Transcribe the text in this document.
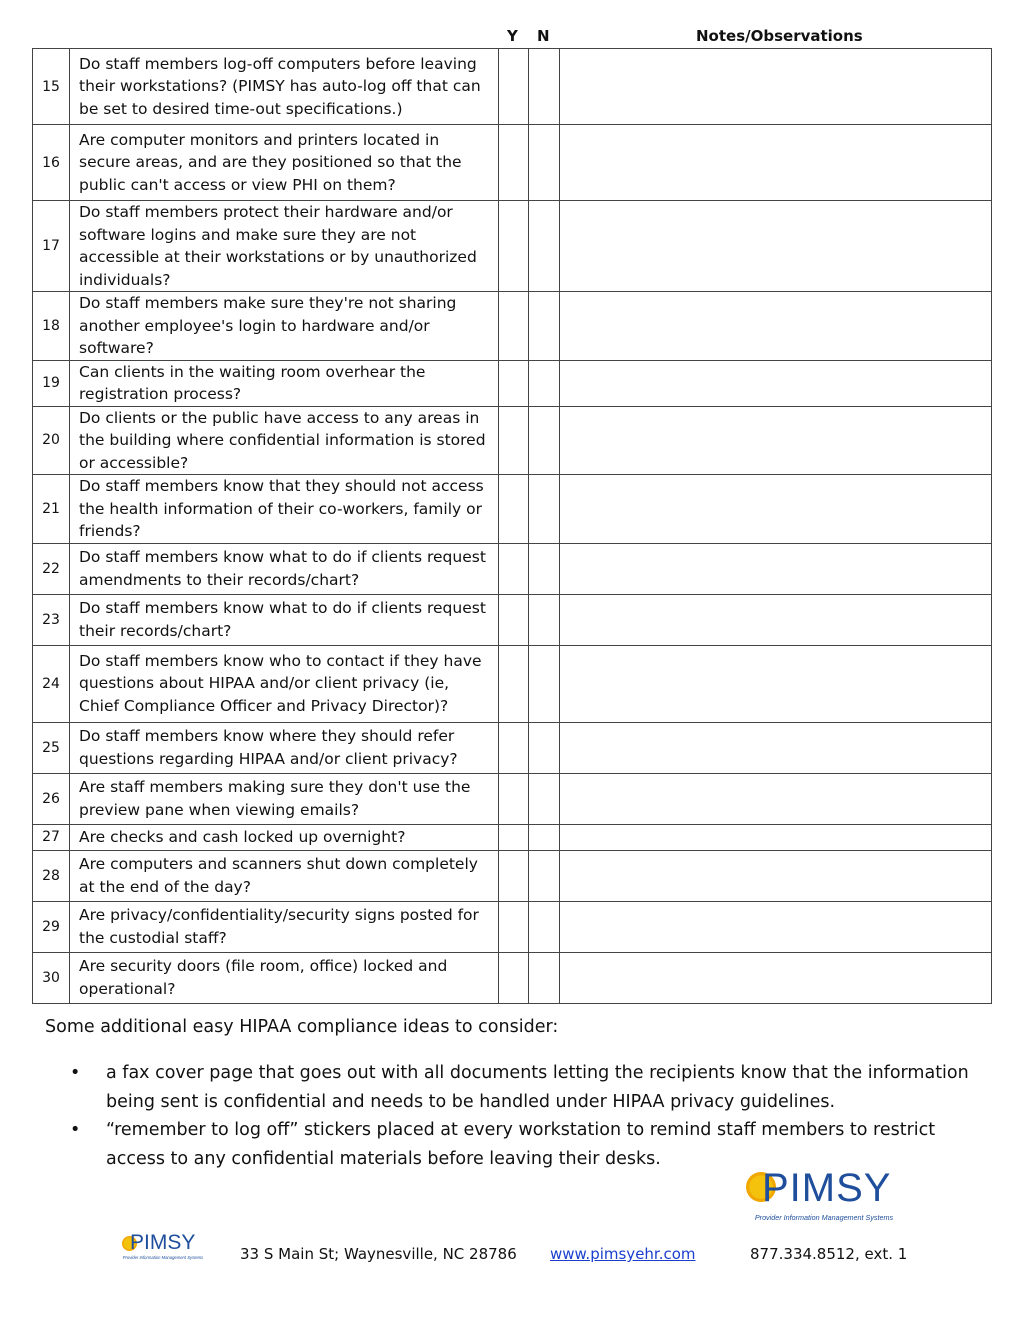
Y N	Notes/Observations
15	Do staff members log-off computers before leaving their workstations? (PIMSY has auto-log off that can be set to desired time-out specifications.)			
16	Are computer monitors and printers located in secure areas, and are they positioned so that the public can't access or view PHI on them?			
17	Do staff members protect their hardware and/or software logins and make sure they are not accessible at their workstations or by unauthorized individuals?			
18	Do staff members make sure they're not sharing another employee's login to hardware and/or software?			
19	Can clients in the waiting room overhear the registration process?			
20	Do clients or the public have access to any areas in the building where confidential information is stored or accessible?			
21	Do staff members know that they should not access the health information of their co-workers, family or friends?			
22	Do staff members know what to do if clients request amendments to their records/chart?			
23	Do staff members know what to do if clients request their records/chart?			
24	Do staff members know who to contact if they have questions about HIPAA and/or client privacy (ie, Chief Compliance Officer and Privacy Director)?			
25	Do staff members know where they should refer questions regarding HIPAA and/or client privacy?			
26	Are staff members making sure they don't use the preview pane when viewing emails?			
27	Are checks and cash locked up overnight?			
28	Are computers and scanners shut down completely at the end of the day?			
29	Are privacy/confidentiality/security signs posted for the custodial staff?			
30	Are security doors (file room, office) locked and operational?			
Some additional easy HIPAA compliance ideas to consider:
• a fax cover page that goes out with all documents letting the recipients know that the information being sent is confidential and needs to be handled under HIPAA privacy guidelines.
• “remember to log off” stickers placed at every workstation to remind staff members to restrict access to any confidential materials before leaving their desks.
PIMSY
Provider Information Management Systems
PIMSY
Provider Information Management Systems 33 S Main St; Waynesville, NC 28786 www.pimsyehr.com	877.334.8512, ext. 1
